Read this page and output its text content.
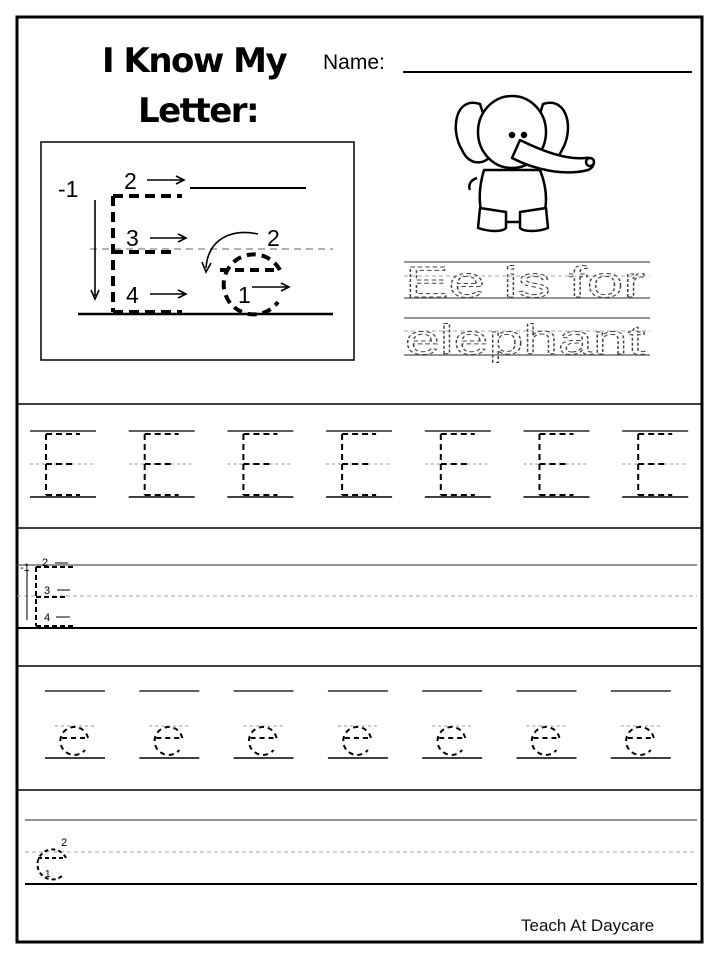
I Know My
Letter:
Name:
Teach At Daycare
-1 2
3
4
2
1	Ee is for
elephant
-1 2
3
4
2
1
